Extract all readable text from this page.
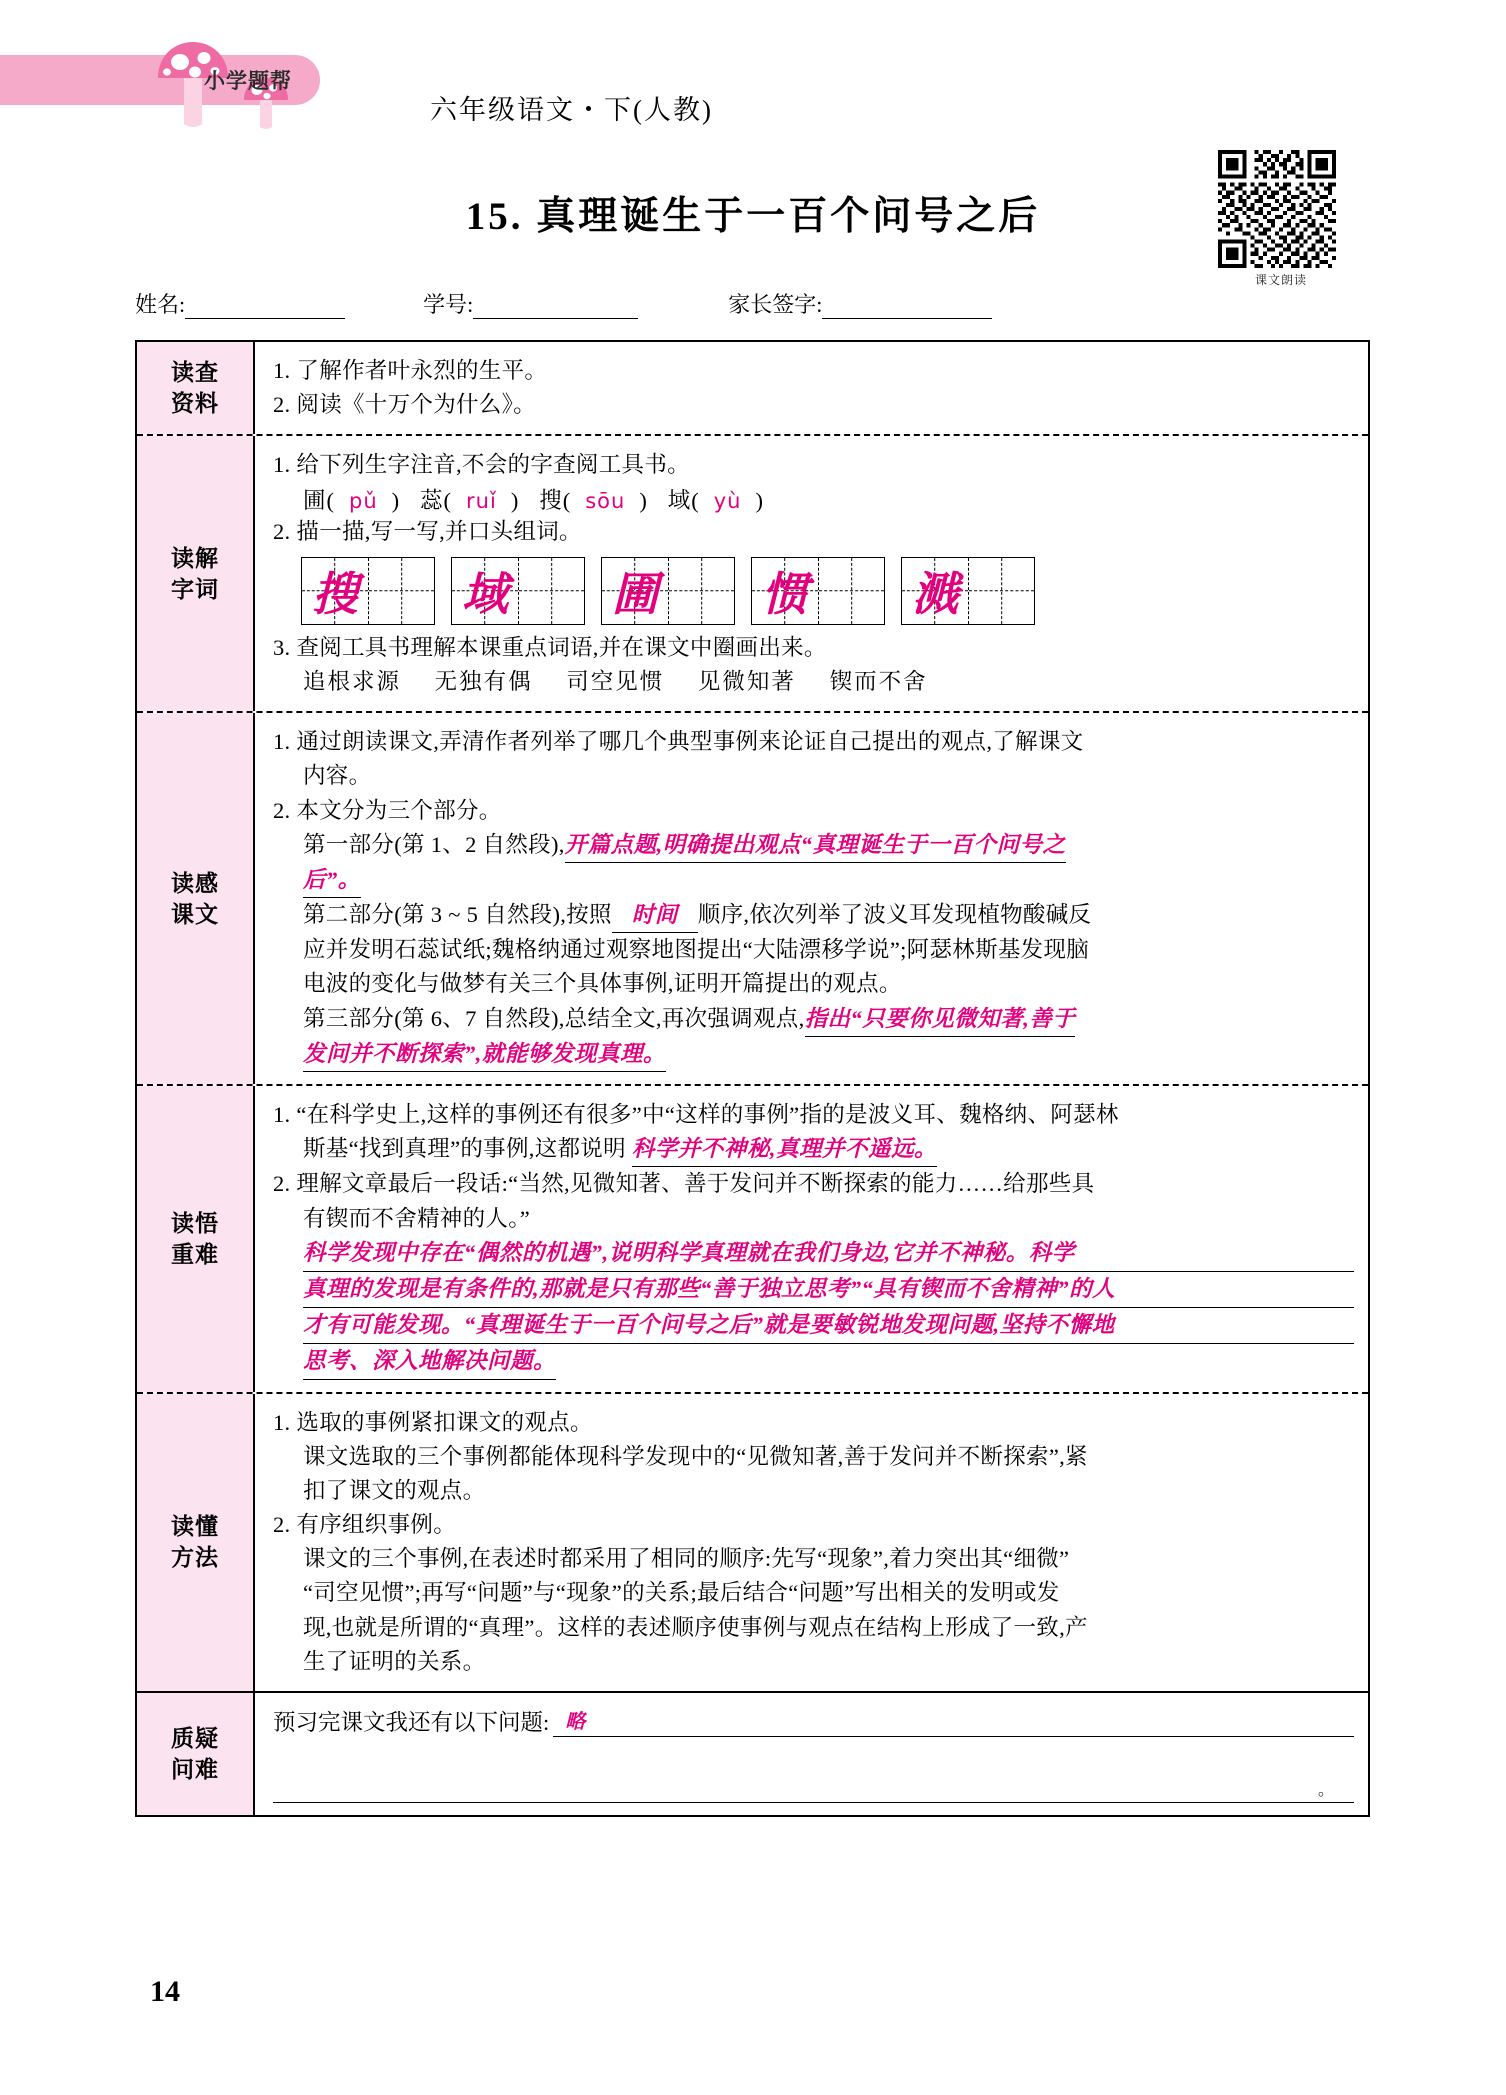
小学题帮
六年级语文・下(人教)
15. 真理诞生于一百个问号之后
课文朗读
姓名:	学号:	家长签字:
读查
资料
1. 了解作者叶永烈的生平。
2. 阅读《十万个为什么》。
读解
字词
1. 给下列生字注音,不会的字查阅工具书。
圃( pǔ )   蕊( ruǐ )   搜( sōu )   域( yù )
2. 描一描,写一写,并口头组词。
搜 域 圃 惯 溅
3. 查阅工具书理解本课重点词语,并在课文中圈画出来。
追根求源 无独有偶 司空见惯 见微知著 锲而不舍
读感
课文
1. 通过朗读课文,弄清作者列举了哪几个典型事例来论证自己提出的观点,了解课文
内容。
2. 本文分为三个部分。
第一部分(第 1、2 自然段),开篇点题,明确提出观点“真理诞生于一百个问号之
后”。
第二部分(第 3 ~ 5 自然段),按照 时间 顺序,依次列举了波义耳发现植物酸碱反
应并发明石蕊试纸;魏格纳通过观察地图提出“大陆漂移学说”;阿瑟林斯基发现脑
电波的变化与做梦有关三个具体事例,证明开篇提出的观点。
第三部分(第 6、7 自然段),总结全文,再次强调观点,指出“只要你见微知著,善于
发问并不断探索”,就能够发现真理。
读悟
重难
1. “在科学史上,这样的事例还有很多”中“这样的事例”指的是波义耳、魏格纳、阿瑟林
斯基“找到真理”的事例,这都说明 科学并不神秘,真理并不遥远。
2. 理解文章最后一段话:“当然,见微知著、善于发问并不断探索的能力……给那些具
有锲而不舍精神的人。”
科学发现中存在“偶然的机遇”,说明科学真理就在我们身边,它并不神秘。科学
真理的发现是有条件的,那就是只有那些“善于独立思考”“具有锲而不舍精神”的人
才有可能发现。“真理诞生于一百个问号之后”就是要敏锐地发现问题,坚持不懈地
思考、深入地解决问题。
读懂
方法
1. 选取的事例紧扣课文的观点。
课文选取的三个事例都能体现科学发现中的“见微知著,善于发问并不断探索”,紧
扣了课文的观点。
2. 有序组织事例。
课文的三个事例,在表述时都采用了相同的顺序:先写“现象”,着力突出其“细微”
“司空见惯”;再写“问题”与“现象”的关系;最后结合“问题”写出相关的发明或发
现,也就是所谓的“真理”。这样的表述顺序使事例与观点在结构上形成了一致,产
生了证明的关系。
质疑
问难
预习完课文我还有以下问题: 略
。
14
